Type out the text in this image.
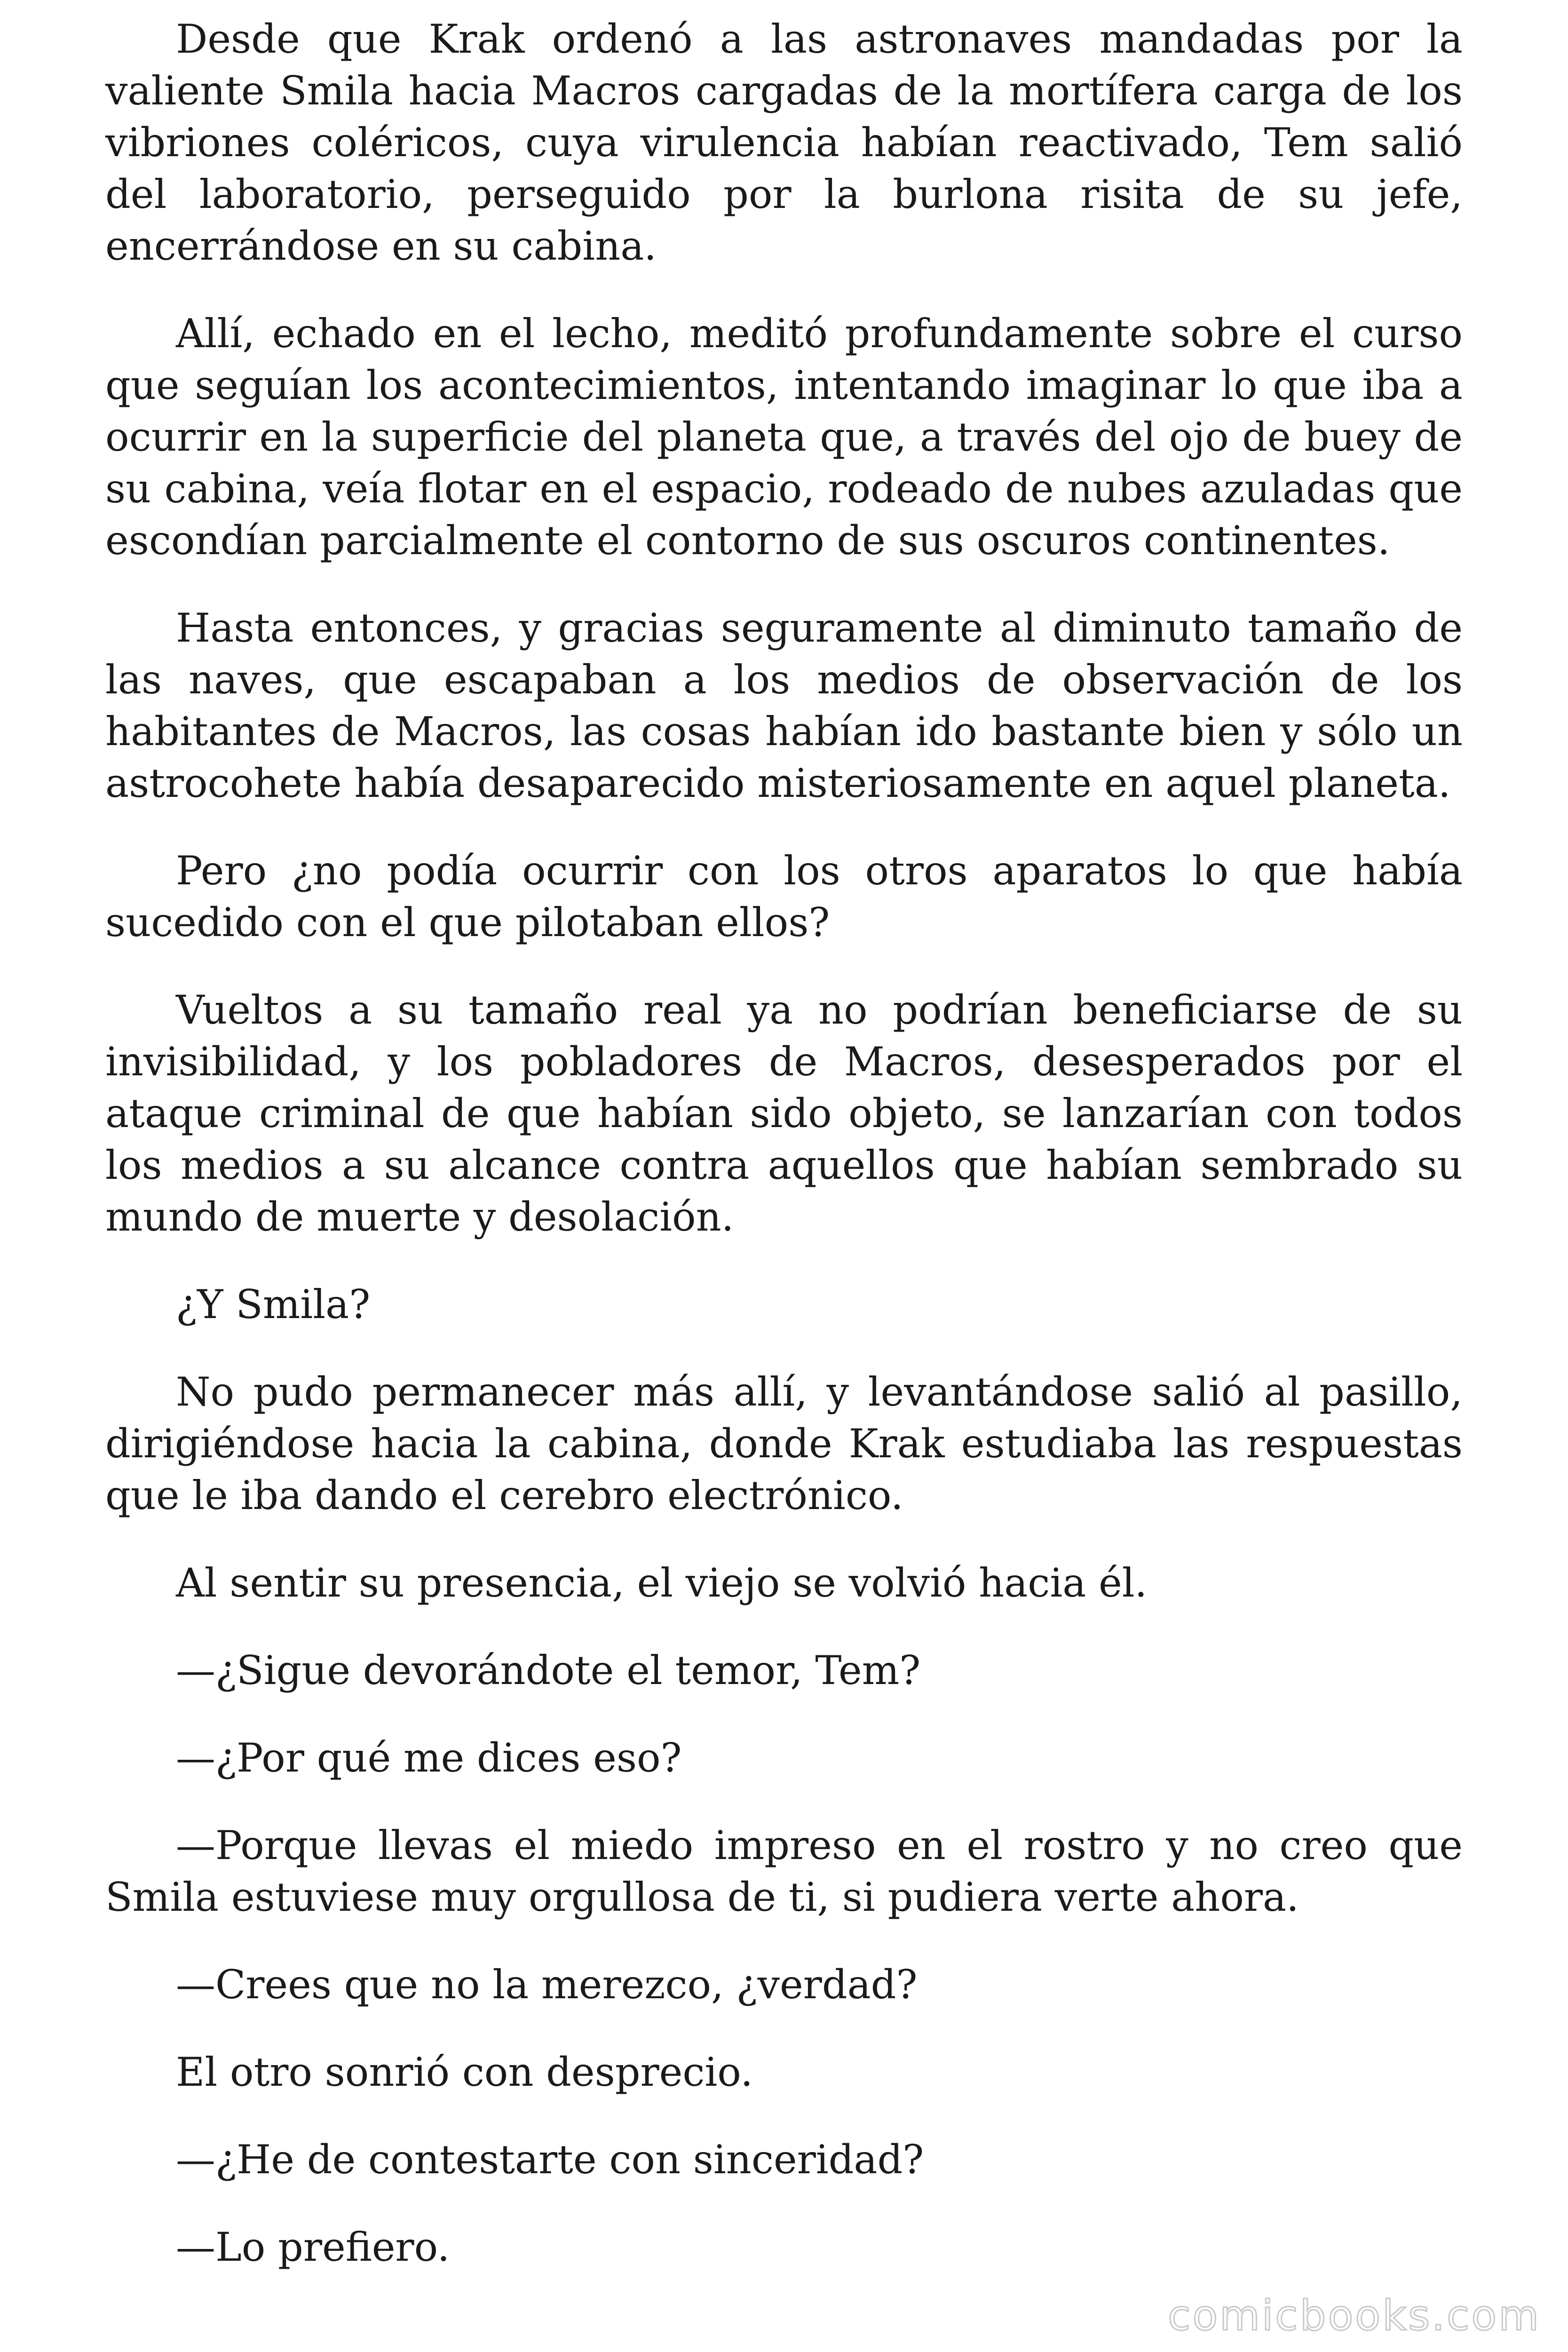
Desde que Krak ordenó a las astronaves mandadas por la valiente Smila hacia Macros cargadas de la mortífera carga de los vibriones coléricos, cuya virulencia habían reactivado, Tem salió del laboratorio, perseguido por la burlona risita de su jefe, encerrándose en su cabina.

Allí, echado en el lecho, meditó profundamente sobre el curso que seguían los acontecimientos, intentando imaginar lo que iba a ocurrir en la superficie del planeta que, a través del ojo de buey de su cabina, veía flotar en el espacio, rodeado de nubes azuladas que escondían parcialmente el contorno de sus oscuros continentes.

Hasta entonces, y gracias seguramente al diminuto tamaño de las naves, que escapaban a los medios de observación de los habitantes de Macros, las cosas habían ido bastante bien y sólo un astrocohete había desaparecido misteriosamente en aquel planeta.

Pero ¿no podía ocurrir con los otros aparatos lo que había sucedido con el que pilotaban ellos?

Vueltos a su tamaño real ya no podrían beneficiarse de su invisibilidad, y los pobladores de Macros, desesperados por el ataque criminal de que habían sido objeto, se lanzarían con todos los medios a su alcance contra aquellos que habían sembrado su mundo de muerte y desolación.

¿Y Smila?

No pudo permanecer más allí, y levantándose salió al pasillo, dirigiéndose hacia la cabina, donde Krak estudiaba las respuestas que le iba dando el cerebro electrónico.

Al sentir su presencia, el viejo se volvió hacia él.

—¿Sigue devorándote el temor, Tem?

—¿Por qué me dices eso?

—Porque llevas el miedo impreso en el rostro y no creo que Smila estuviese muy orgullosa de ti, si pudiera verte ahora.

—Crees que no la merezco, ¿verdad?

El otro sonrió con desprecio.

—¿He de contestarte con sinceridad?

—Lo prefiero.

comicbooks.com
